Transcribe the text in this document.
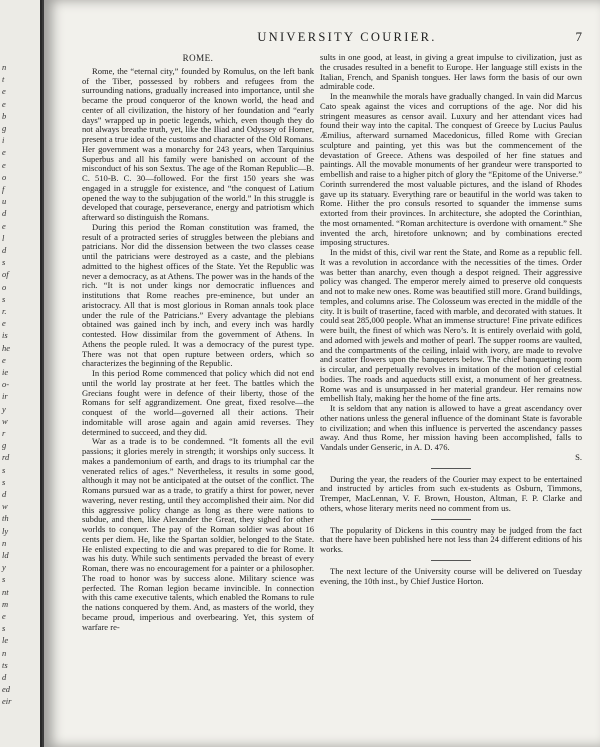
n
t
e
e
b
g
i
e
e
o
f
u
d
e
l
d
s
of
o
s
r.
e
is
he
e
ie
o-
ir
y
w
r
g
rd
s
s
d
w
th
ly
n
ld
y
s
nt
m
e
s
le
n
ts
d
ed
eir
UNIVERSITY COURIER.	7
ROME.

Rome, the “eternal city,” founded by Romulus, on the left bank of the Tiber, possessed by robbers and refugees from the surrounding nations, gradually increased into importance, until she became the proud conqueror of the known world, the head and center of all civilization, the history of her foundation and “early days” wrapped up in poetic legends, which, even though they do not always breathe truth, yet, like the Iliad and Odyssey of Homer, present a true idea of the customs and character of the Old Romans. Her government was a monarchy for 243 years, when Tarquinius Superbus and all his family were banished on account of the misconduct of his son Sextus. The age of the Roman Republic—B. C. 510-B. C. 30—followed. For the first 150 years she was engaged in a struggle for existence, and “the conquest of Latium opened the way to the subjugation of the world.” In this struggle is developed that courage, perseverance, energy and patriotism which afterward so distinguish the Romans.

During this period the Roman constitution was framed, the result of a protracted series of struggles between the plebians and patricians. Nor did the dissension between the two classes cease until the patricians were destroyed as a caste, and the plebians admitted to the highest offices of the State. Yet the Republic was never a democracy, as at Athens. The power was in the hands of the rich. “It is not under kings nor democratic influences and institutions that Rome reaches pre-eminence, but under an aristocracy. All that is most glorious in Roman annals took place under the rule of the Patricians.” Every advantage the plebians obtained was gained inch by inch, and every inch was hardly contested. How dissimilar from the government of Athens. In Athens the people ruled. It was a democracy of the purest type. There was not that open rupture between orders, which so characterizes the beginning of the Republic.

In this period Rome commenced that policy which did not end until the world lay prostrate at her feet. The battles which the Grecians fought were in defence of their liberty, those of the Romans for self aggrandizement. One great, fixed resolve—the conquest of the world—governed all their actions. Their indomitable will arose again and again amid reverses. They determined to succeed, and they did.

War as a trade is to be condemned. “It foments all the evil passions; it glories merely in strength; it worships only success. It makes a pandemonium of earth, and drags to its triumphal car the venerated relics of ages.” Nevertheless, it results in some good, although it may not be anticipated at the outset of the conflict. The Romans pursued war as a trade, to gratify a thirst for power, never wavering, never resting, until they accomplished their aim. Nor did this aggressive policy change as long as there were nations to subdue, and then, like Alexander the Great, they sighed for other worlds to conquer. The pay of the Roman soldier was about 16 cents per diem. He, like the Spartan soldier, belonged to the State. He enlisted expecting to die and was prepared to die for Rome. It was his duty. While such sentiments pervaded the breast of every Roman, there was no encouragement for a painter or a philosopher. The road to honor was by success alone. Military science was perfected. The Roman legion became invincible. In connection with this came executive talents, which enabled the Romans to rule the nations conquered by them. And, as masters of the world, they became proud, imperious and overbearing. Yet, this system of warfare re-

sults in one good, at least, in giving a great impulse to civilization, just as the crusades resulted in a benefit to Europe. Her language still exists in the Italian, French, and Spanish tongues. Her laws form the basis of our own admirable code.

In the meanwhile the morals have gradually changed. In vain did Marcus Cato speak against the vices and corruptions of the age. Nor did his stringent measures as censor avail. Luxury and her attendant vices had found their way into the capital. The conquest of Greece by Lucius Paulus Æmilius, afterward surnamed Macedonicus, filled Rome with Grecian sculpture and painting, yet this was but the commencement of the devastation of Greece. Athens was despoiled of her fine statues and paintings. All the movable monuments of her grandeur were transported to embellish and raise to a higher pitch of glory the “Epitome of the Universe.” Corinth surrendered the most valuable pictures, and the island of Rhodes gave up its statuary. Everything rare or beautiful in the world was taken to Rome. Hither the pro consuls resorted to squander the immense sums extorted from their provinces. In architecture, she adopted the Corinthian, the most ornamented. “Roman architecture is overdone with ornament.” She invented the arch, hiretofore unknown; and by combinations erected imposing structures.

In the midst of this, civil war rent the State, and Rome as a republic fell. It was a revolution in accordance with the necessities of the times. Order was better than anarchy, even though a despot reigned. Their aggressive policy was changed. The emperor merely aimed to preserve old conquests and not to make new ones. Rome was beautified still more. Grand buildings, temples, and columns arise. The Colosseum was erected in the middle of the city. It is built of trasertine, faced with marble, and decorated with statues. It could seat 285,000 people. What an immense structure! Fine private edifices were built, the finest of which was Nero’s. It is entirely overlaid with gold, and adorned with jewels and mother of pearl. The supper rooms are vaulted, and the compartments of the ceiling, inlaid with ivory, are made to revolve and scatter flowers upon the banqueters below. The chief banqueting room is circular, and perpetually revolves in imitation of the motion of celestial bodies. The roads and aqueducts still exist, a monument of her greatness. Rome was and is unsurpassed in her material grandeur. Her remains now embellish Italy, making her the home of the fine arts.

It is seldom that any nation is allowed to have a great ascendancy over other nations unless the general influence of the dominant State is favorable to civilization; and when this influence is perverted the ascendancy passes away. And thus Rome, her mission having been accomplished, falls to Vandals under Genseric, in A. D. 476.

S.

During the year, the readers of the Courier may expect to be entertained and instructed by articles from such ex-students as Osburn, Timmons, Tremper, MacLennan, V. F. Brown, Houston, Altman, F. P. Clarke and others, whose literary merits need no comment from us.

The popularity of Dickens in this country may be judged from the fact that there have been published here not less than 24 different editions of his works.

The next lecture of the University course will be delivered on Tuesday evening, the 10th inst., by Chief Justice Horton.
